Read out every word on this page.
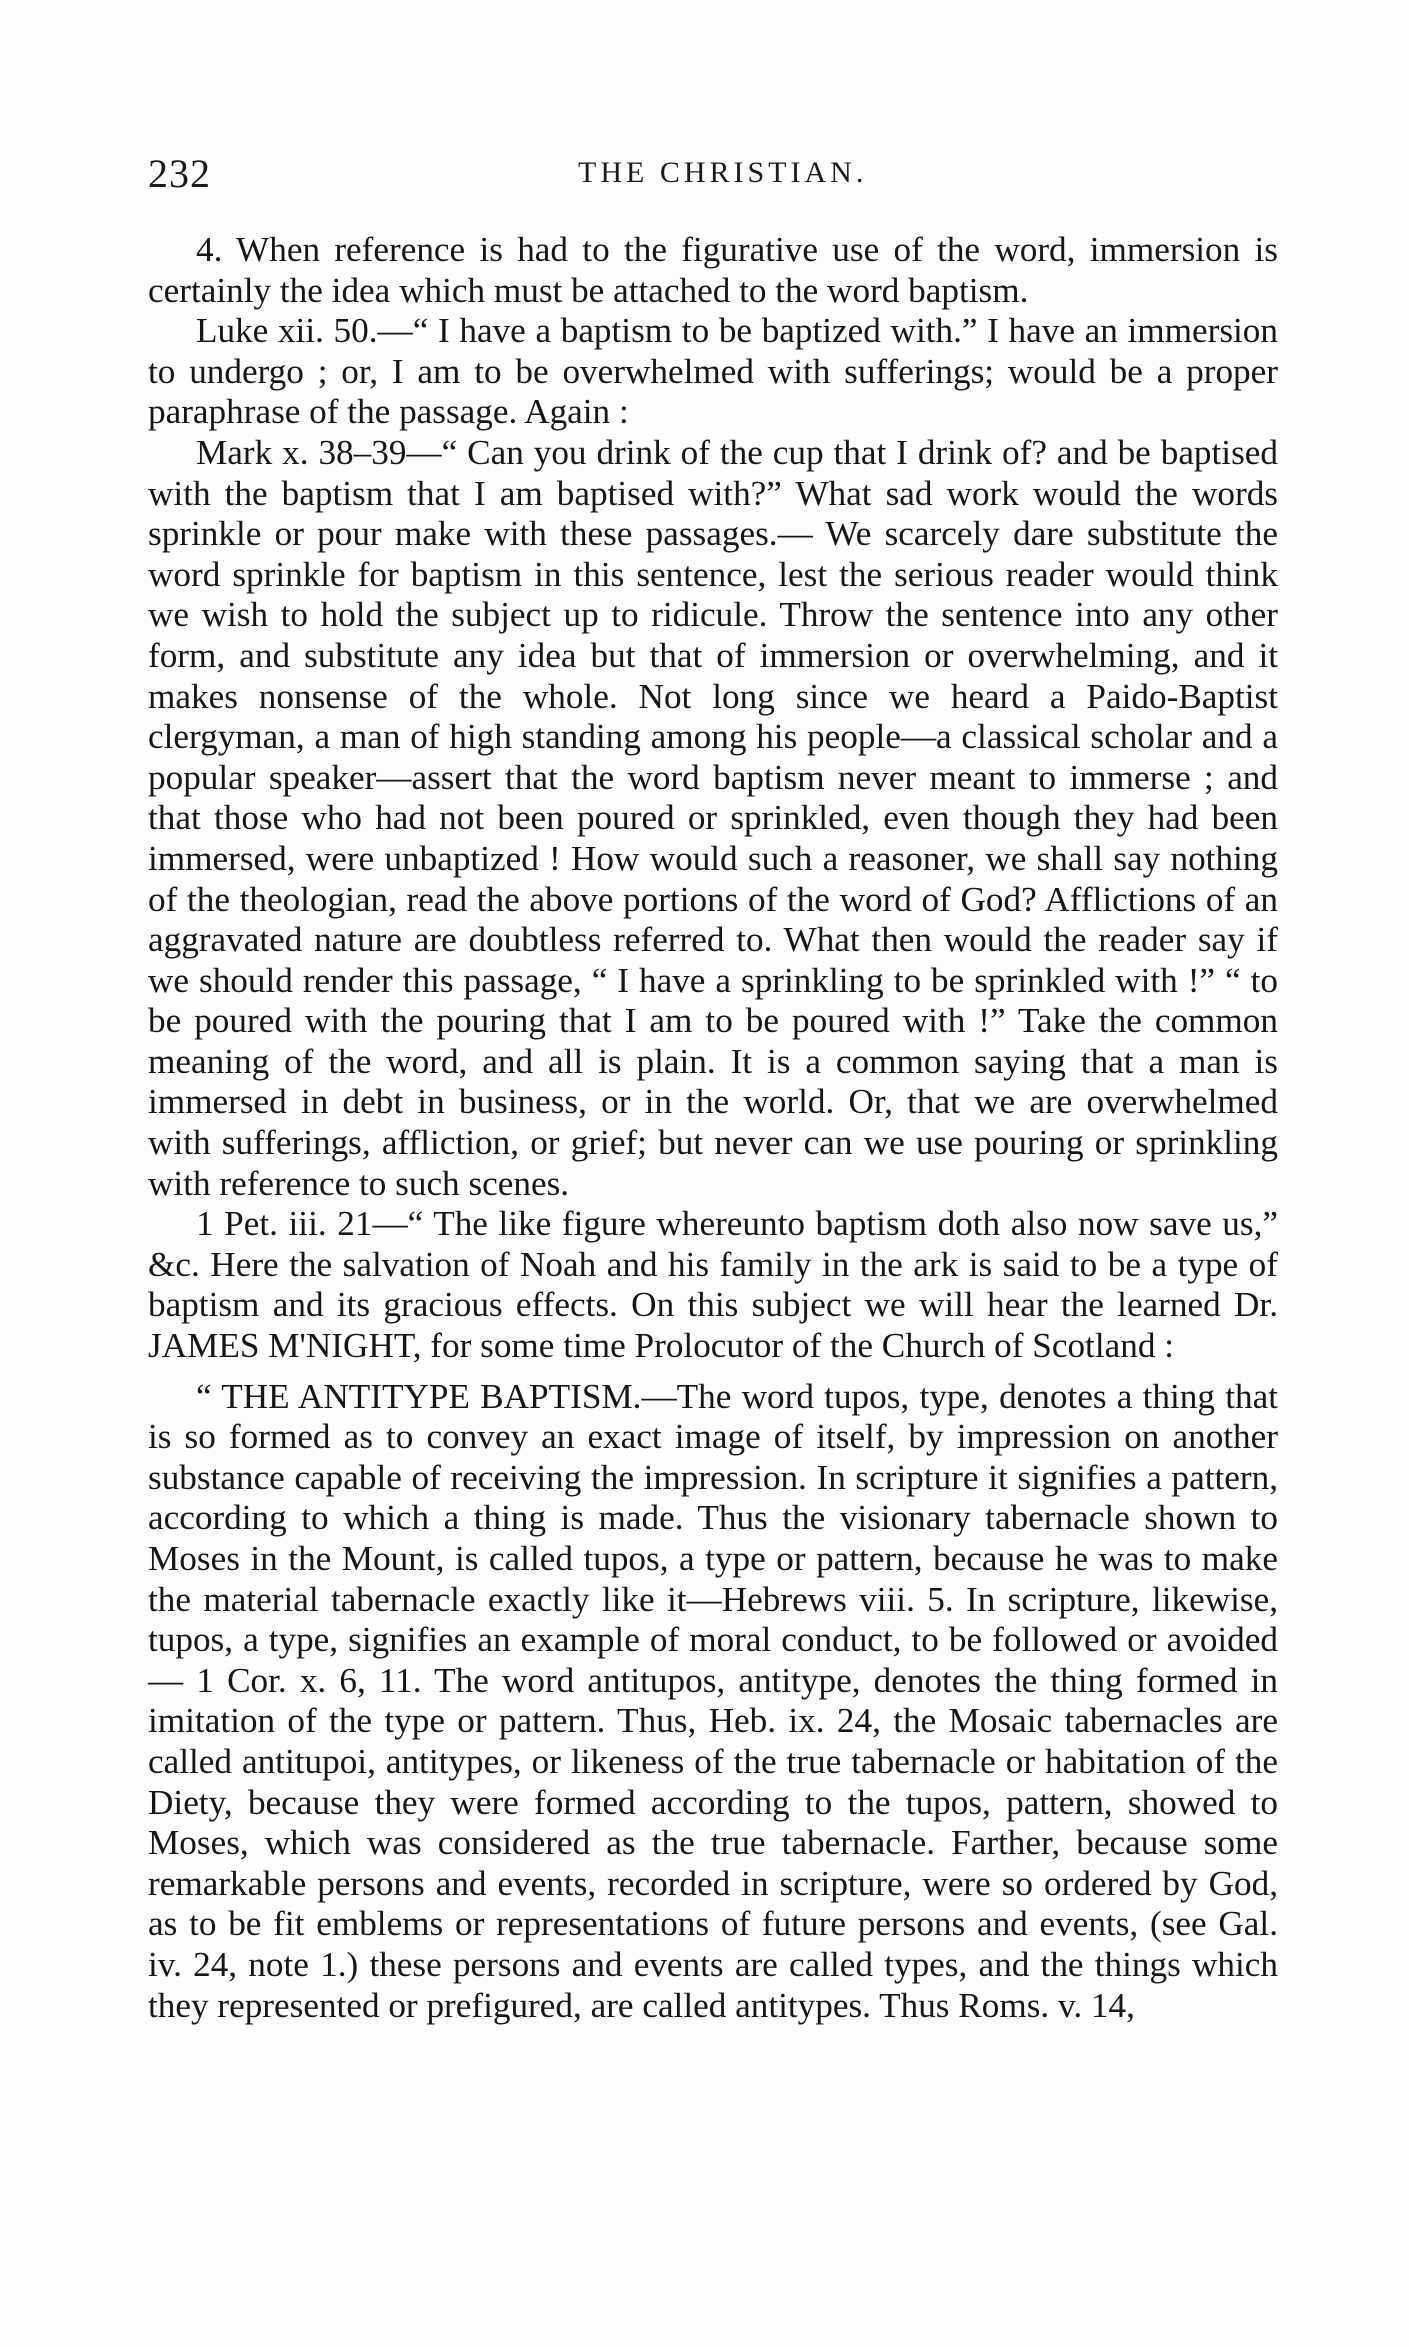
232	THE CHRISTIAN.

4. When reference is had to the figurative use of the word, immersion is certainly the idea which must be attached to the word baptism.

Luke xii. 50.—“ I have a baptism to be baptized with.” I have an immersion to undergo ; or, I am to be overwhelmed with sufferings; would be a proper paraphrase of the passage. Again :

Mark x. 38–39—“ Can you drink of the cup that I drink of? and be baptised with the baptism that I am baptised with?” What sad work would the words sprinkle or pour make with these passages.— We scarcely dare substitute the word sprinkle for baptism in this sentence, lest the serious reader would think we wish to hold the subject up to ridicule. Throw the sentence into any other form, and substitute any idea but that of immersion or overwhelming, and it makes nonsense of the whole. Not long since we heard a Paido-Baptist clergyman, a man of high standing among his people—a classical scholar and a popular speaker—assert that the word baptism never meant to immerse ; and that those who had not been poured or sprinkled, even though they had been immersed, were unbaptized ! How would such a reasoner, we shall say nothing of the theologian, read the above portions of the word of God? Afflictions of an aggravated nature are doubtless referred to. What then would the reader say if we should render this passage, “ I have a sprinkling to be sprinkled with !” “ to be poured with the pouring that I am to be poured with !” Take the common meaning of the word, and all is plain. It is a common saying that a man is immersed in debt in business, or in the world. Or, that we are overwhelmed with sufferings, affliction, or grief; but never can we use pouring or sprinkling with reference to such scenes.

1 Pet. iii. 21—“ The like figure whereunto baptism doth also now save us,” &c. Here the salvation of Noah and his family in the ark is said to be a type of baptism and its gracious effects. On this subject we will hear the learned Dr. JAMES M'NIGHT, for some time Prolocutor of the Church of Scotland :

“ THE ANTITYPE BAPTISM.—The word tupos, type, denotes a thing that is so formed as to convey an exact image of itself, by impression on another substance capable of receiving the impression. In scripture it signifies a pattern, according to which a thing is made. Thus the visionary tabernacle shown to Moses in the Mount, is called tupos, a type or pattern, because he was to make the material tabernacle exactly like it—Hebrews viii. 5. In scripture, likewise, tupos, a type, signifies an example of moral conduct, to be followed or avoided— 1 Cor. x. 6, 11. The word antitupos, antitype, denotes the thing formed in imitation of the type or pattern. Thus, Heb. ix. 24, the Mosaic tabernacles are called antitupoi, antitypes, or likeness of the true tabernacle or habitation of the Diety, because they were formed according to the tupos, pattern, showed to Moses, which was considered as the true tabernacle. Farther, because some remarkable persons and events, recorded in scripture, were so ordered by God, as to be fit emblems or representations of future persons and events, (see Gal. iv. 24, note 1.) these persons and events are called types, and the things which they represented or prefigured, are called antitypes. Thus Roms. v. 14,
